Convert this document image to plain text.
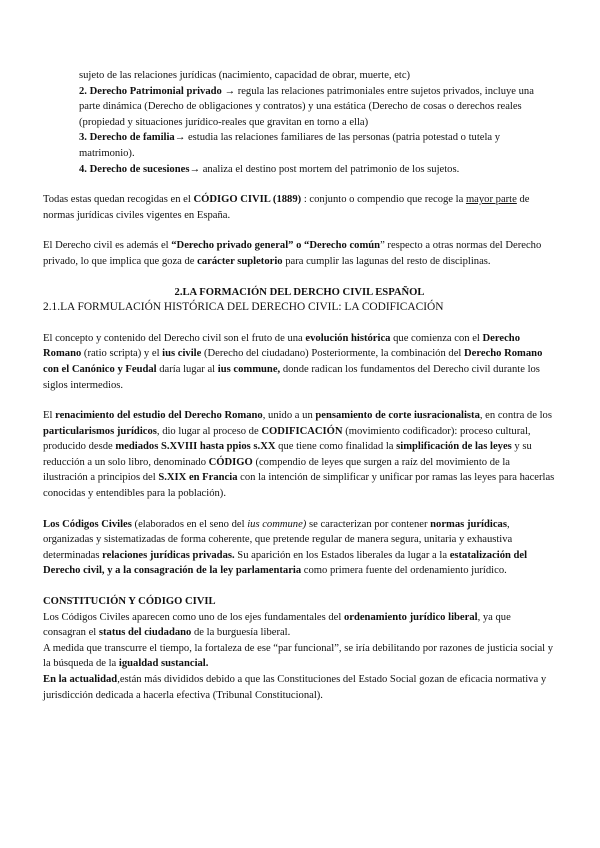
sujeto de las relaciones jurídicas (nacimiento, capacidad de obrar, muerte, etc)

2. Derecho Patrimonial privado → regula las relaciones patrimoniales entre sujetos privados, incluye una parte dinámica (Derecho de obligaciones y contratos) y una estática (Derecho de cosas o derechos reales (propiedad y situaciones jurídico-reales que gravitan en torno a ella)

3. Derecho de familia→ estudia las relaciones familiares de las personas (patria potestad o tutela y matrimonio).

4. Derecho de sucesiones→ analiza el destino post mortem del patrimonio de los sujetos.

Todas estas quedan recogidas en el CÓDIGO CIVIL (1889) : conjunto o compendio que recoge la mayor parte de normas jurídicas civiles vigentes en España.

El Derecho civil es además el “Derecho privado general” o “Derecho común” respecto a otras normas del Derecho privado, lo que implica que goza de carácter supletorio para cumplir las lagunas del resto de disciplinas.

2.LA FORMACIÓN DEL DERCHO CIVIL ESPAÑOL

2.1.LA FORMULACIÓN HISTÓRICA DEL DERECHO CIVIL: LA CODIFICACIÓN

El concepto y contenido del Derecho civil son el fruto de una evolución histórica que comienza con el Derecho Romano (ratio scripta) y el ius civile (Derecho del ciudadano) Posteriormente, la combinación del Derecho Romano con el Canónico y Feudal daría lugar al ius commune, donde radican los fundamentos del Derecho civil durante los siglos intermedios.

El renacimiento del estudio del Derecho Romano, unido a un pensamiento de corte iusracionalista, en contra de los particularismos jurídicos, dio lugar al proceso de CODIFICACIÓN (movimiento codificador): proceso cultural, producido desde mediados S.XVIII hasta ppios s.XX que tiene como finalidad la simplificación de las leyes y su reducción a un solo libro, denominado CÓDIGO (compendio de leyes que surgen a raíz del movimiento de la ilustración a principios del S.XIX en Francia con la intención de simplificar y unificar por ramas las leyes para hacerlas conocidas y entendibles para la población).

Los Códigos Civiles (elaborados en el seno del ius commune) se caracterizan por contener normas jurídicas, organizadas y sistematizadas de forma coherente, que pretende regular de manera segura, unitaria y exhaustiva determinadas relaciones jurídicas privadas. Su aparición en los Estados liberales da lugar a la estatalización del Derecho civil, y a la consagración de la ley parlamentaria como primera fuente del ordenamiento jurídico.

CONSTITUCIÓN Y CÓDIGO CIVIL

Los Códigos Civiles aparecen como uno de los ejes fundamentales del ordenamiento jurídico liberal, ya que consagran el status del ciudadano de la burguesía liberal.

A medida que transcurre el tiempo, la fortaleza de ese “par funcional”, se iría debilitando por razones de justicia social y la búsqueda de la igualdad sustancial.

En la actualidad,están más divididos debido a que las Constituciones del Estado Social gozan de eficacia normativa y jurisdicción dedicada a hacerla efectiva (Tribunal Constitucional).
